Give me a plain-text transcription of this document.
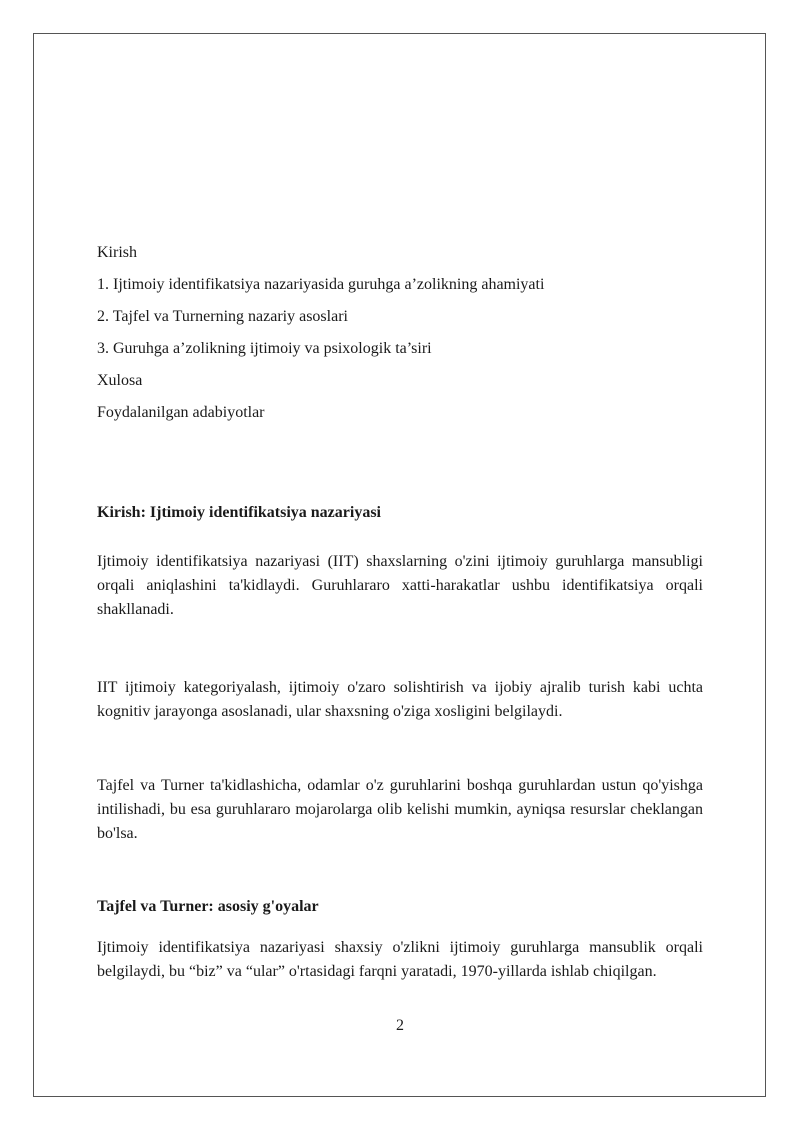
Kirish
1. Ijtimoiy identifikatsiya nazariyasida guruhga a’zolikning ahamiyati
2. Tajfel va Turnerning nazariy asoslari
3. Guruhga a’zolikning ijtimoiy va psixologik ta’siri
Xulosa
Foydalanilgan adabiyotlar
Kirish: Ijtimoiy identifikatsiya nazariyasi

Ijtimoiy identifikatsiya nazariyasi (IIT) shaxslarning o'zini ijtimoiy guruhlarga mansubligi orqali aniqlashini ta'kidlaydi. Guruhlararo xatti-harakatlar ushbu identifikatsiya orqali shakllanadi.

IIT ijtimoiy kategoriyalash, ijtimoiy o'zaro solishtirish va ijobiy ajralib turish kabi uchta kognitiv jarayonga asoslanadi, ular shaxsning o'ziga xosligini belgilaydi.

Tajfel va Turner ta'kidlashicha, odamlar o'z guruhlarini boshqa guruhlardan ustun qo'yishga intilishadi, bu esa guruhlararo mojarolarga olib kelishi mumkin, ayniqsa resurslar cheklangan bo'lsa.

Tajfel va Turner: asosiy g'oyalar

Ijtimoiy identifikatsiya nazariyasi shaxsiy o'zlikni ijtimoiy guruhlarga mansublik orqali belgilaydi, bu “biz” va “ular” o'rtasidagi farqni yaratadi, 1970-yillarda ishlab chiqilgan.

2
